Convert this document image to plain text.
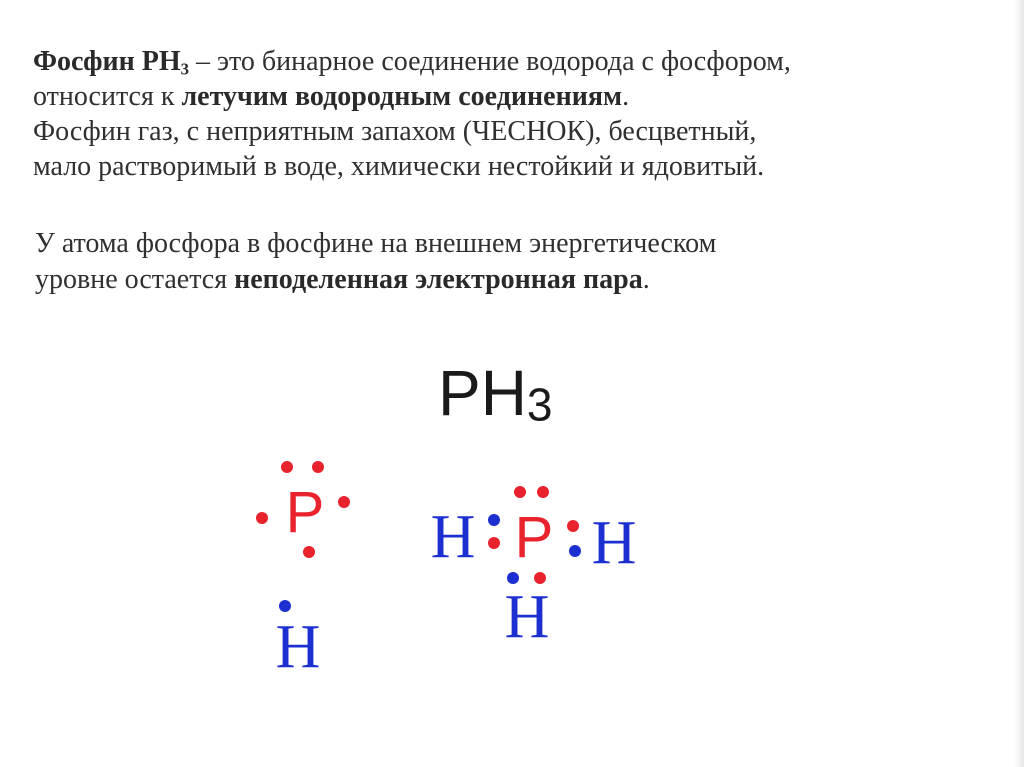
Фосфин $PH_3$ – это бинарное соединение водорода с фосфором,
относится к летучим водородным соединениям.
Фосфин газ, с неприятным запахом (ЧЕСНОК), бесцветный,
мало растворимый в воде, химически нестойкий и ядовитый.

У атома фосфора в фосфине на внешнем энергетическом
уровне остается неподеленная электронная пара.

$PH_3$
P
H
H P H
H
